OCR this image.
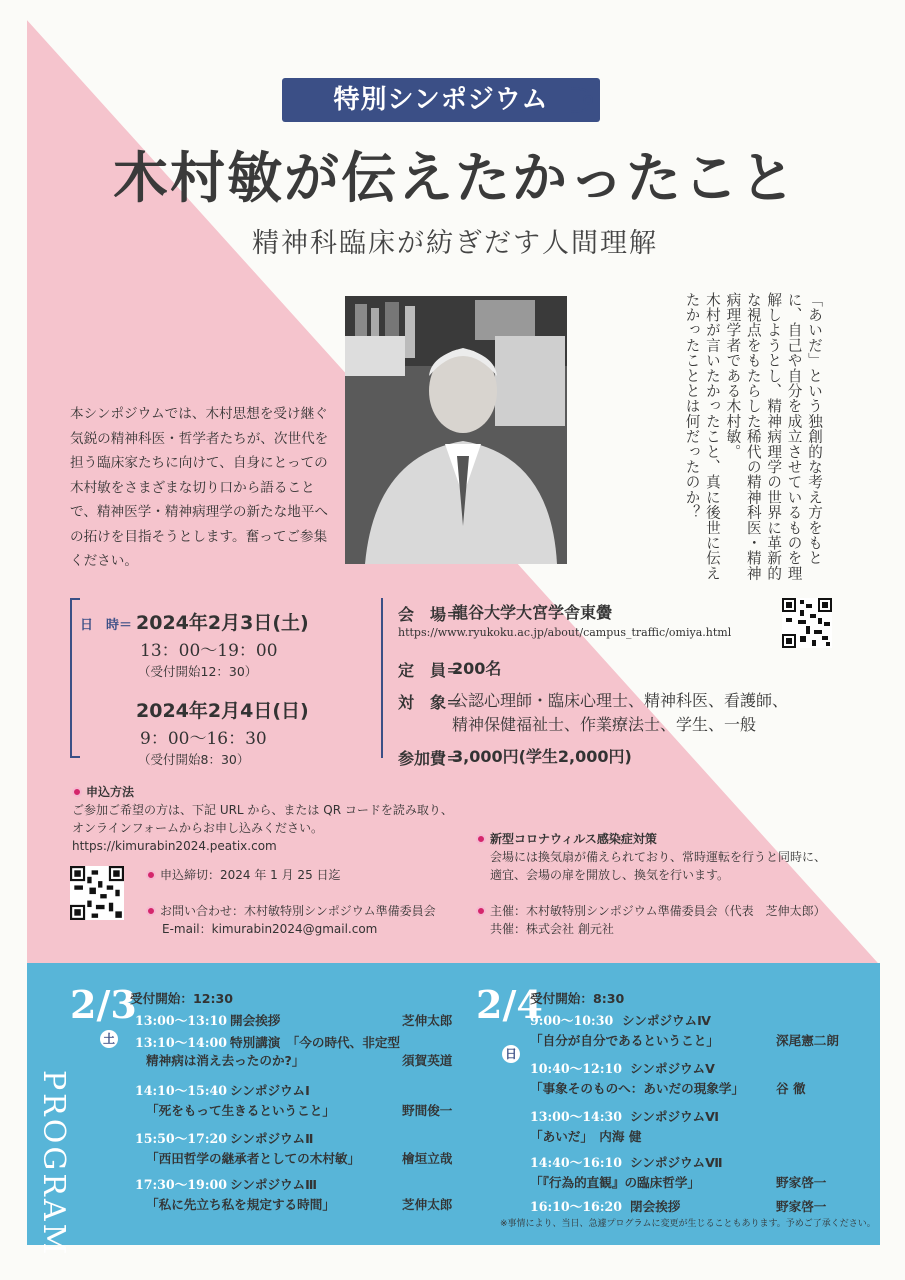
特別シンポジウム
木村敏が伝えたかったこと
精神科臨床が紡ぎだす人間理解

「あいだ」という独創的な考え方をもとに、自己や自分を成立させているものを理解しようとし、精神病理学の世界に革新的な視点をもたらした稀代の精神科医・精神病理学者である木村敏。

木村が言いたかったこと、真に後世に伝えたかったこととは何だったのか？

本シンポジウムでは、木村思想を受け継ぐ気鋭の精神科医・哲学者たちが、次世代を担う臨床家たちに向けて、自身にとっての木村敏をさまざまな切り口から語ることで、精神医学・精神病理学の新たな地平への拓けを目指そうとします。奮ってご参集ください。
日　時＝ 2024年2月3日(土)
13：00〜19：00
（受付開始12：30）
2024年2月4日(日)
9：00〜16：30
（受付開始8：30）
会　場＝
龍谷大学大宮学舎東黌
https://www.ryukoku.ac.jp/about/campus_traffic/omiya.html
定　員＝
200名
対　象＝
公認心理師・臨床心理士、精神科医、看護師、
精神保健福祉士、作業療法士、学生、一般
参加費＝
3,000円(学生2,000円)
申込方法
ご参加ご希望の方は、下記 URL から、または QR コードを読み取り、
オンラインフォームからお申し込みください。
https://kimurabin2024.peatix.com
申込締切：2024 年 1 月 25 日迄
お問い合わせ：木村敏特別シンポジウム準備委員会
E-mail：kimurabin2024@gmail.com
新型コロナウィルス感染症対策
会場には換気扇が備えられており、常時運転を行うと同時に、
適宜、会場の扉を開放し、換気を行います。
主催：木村敏特別シンポジウム準備委員会（代表　芝伸太郎）
共催：株式会社 創元社
PROGRAM
2/3
土
受付開始：12:30
13:00〜13:10 開会挨拶	芝伸太郎
13:10〜14:00 特別講演　「今の時代、非定型
精神病は消え去ったのか?」	須賀英道
14:10〜15:40 シンポジウムⅠ
「死をもって生きるということ」	野間俊一
15:50〜17:20 シンポジウムⅡ
「西田哲学の継承者としての木村敏」	檜垣立哉
17:30〜19:00 シンポジウムⅢ
「私に先立ち私を規定する時間」	芝伸太郎
2/4
日
受付開始：8:30
9:00〜10:30 シンポジウムⅣ
「自分が自分であるということ」	深尾憲二朗
10:40〜12:10 シンポジウムⅤ
「事象そのものへ：あいだの現象学」	谷 徹
13:00〜14:30 シンポジウムⅥ
「あいだ」　内海 健
14:40〜16:10 シンポジウムⅦ
「『行為的直観』の臨床哲学」	野家啓一
16:10〜16:20 閉会挨拶	野家啓一
※事情により、当日、急遽プログラムに変更が生じることもあります。予めご了承ください。
